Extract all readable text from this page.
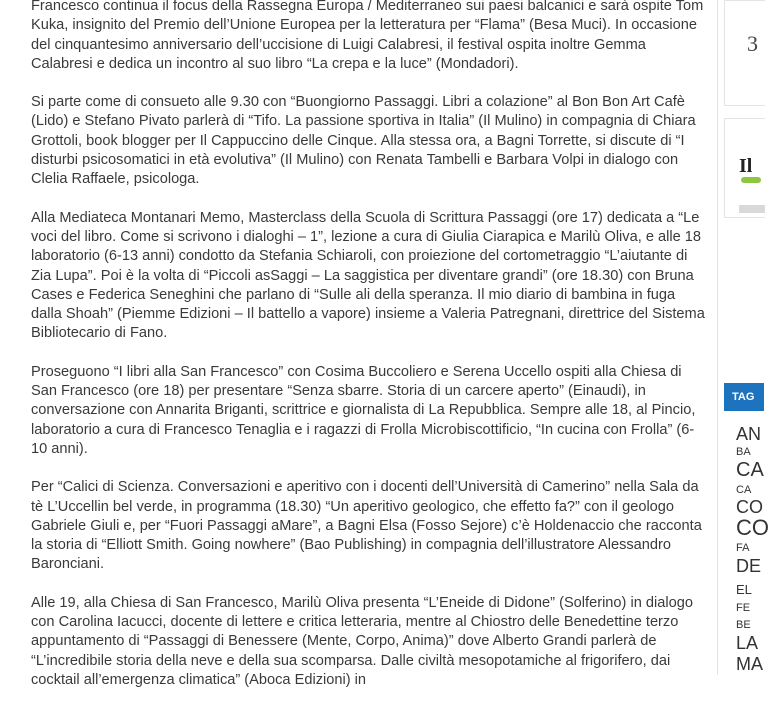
Francesco continua il focus della Rassegna Europa / Mediterraneo sui paesi balcanici e sarà ospite Tom Kuka, insignito del Premio dell’Unione Europea per la letteratura per “Flama” (Besa Muci). In occasione del cinquantesimo anniversario dell’uccisione di Luigi Calabresi, il festival ospita inoltre Gemma Calabresi e dedica un incontro al suo libro “La crepa e la luce” (Mondadori).

Si parte come di consueto alle 9.30 con “Buongiorno Passaggi. Libri a colazione” al Bon Bon Art Cafè (Lido) e Stefano Pivato parlerà di “Tifo. La passione sportiva in Italia” (Il Mulino) in compagnia di Chiara Grottoli, book blogger per Il Cappuccino delle Cinque. Alla stessa ora, a Bagni Torrette, si discute di “I disturbi psicosomatici in età evolutiva” (Il Mulino) con Renata Tambelli e Barbara Volpi in dialogo con Clelia Raffaele, psicologa.

Alla Mediateca Montanari Memo, Masterclass della Scuola di Scrittura Passaggi (ore 17) dedicata a “Le voci del libro. Come si scrivono i dialoghi – 1”, lezione a cura di Giulia Ciarapica e Marilù Oliva, e alle 18 laboratorio (6-13 anni) condotto da Stefania Schiaroli, con proiezione del cortometraggio “L’aiutante di Zia Lupa”. Poi è la volta di “Piccoli asSaggi – La saggistica per diventare grandi” (ore 18.30) con Bruna Cases e Federica Seneghini che parlano di “Sulle ali della speranza. Il mio diario di bambina in fuga dalla Shoah” (Piemme Edizioni – Il battello a vapore) insieme a Valeria Patregnani, direttrice del Sistema Bibliotecario di Fano.

Proseguono “I libri alla San Francesco” con Cosima Buccoliero e Serena Uccello ospiti alla Chiesa di San Francesco (ore 18) per presentare “Senza sbarre. Storia di un carcere aperto” (Einaudi), in conversazione con Annarita Briganti, scrittrice e giornalista di La Repubblica. Sempre alle 18, al Pincio, laboratorio a cura di Francesco Tenaglia e i ragazzi di Frolla Microbiscottificio, “In cucina con Frolla” (6-10 anni).

Per “Calici di Scienza. Conversazioni e aperitivo con i docenti dell’Università di Camerino” nella Sala da tè L’Uccellin bel verde, in programma (18.30) “Un aperitivo geologico, che effetto fa?” con il geologo Gabriele Giuli e, per “Fuori Passaggi aMare”, a Bagni Elsa (Fosso Sejore) c’è Holdenaccio che racconta la storia di “Elliott Smith. Going nowhere” (Bao Publishing) in compagnia dell’illustratore Alessandro Baronciani.

Alle 19, alla Chiesa di San Francesco, Marilù Oliva presenta “L’Eneide di Didone” (Solferino) in dialogo con Carolina Iacucci, docente di lettere e critica letteraria, mentre al Chiostro delle Benedettine terzo appuntamento di “Passaggi di Benessere (Mente, Corpo, Anima)” dove Alberto Grandi parlerà de “L’incredibile storia della neve e della sua scomparsa. Dalle civiltà mesopotamiche al frigorifero, dai cocktail all’emergenza climatica” (Aboca Edizioni) in

3
Il
TAG
AN
BA
CA
CA
CO
CO
FA
DE
EL
FE
BE
LA
MA
